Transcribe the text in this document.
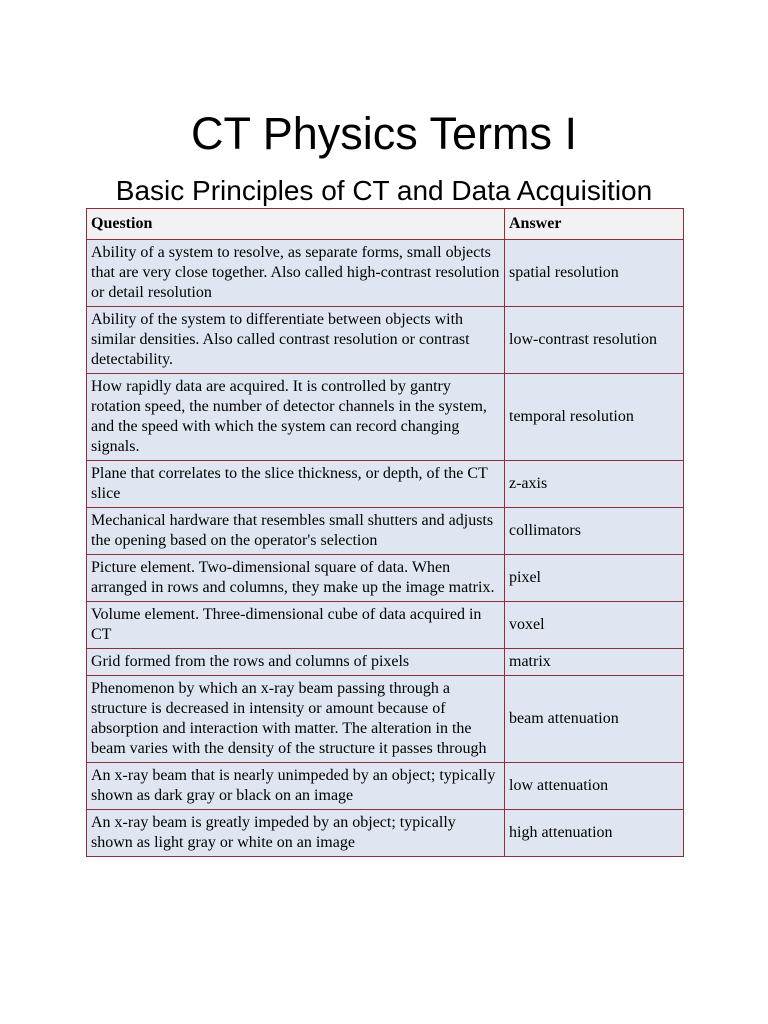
CT Physics Terms I
Basic Principles of CT and Data Acquisition
Question	Answer
Ability of a system to resolve, as separate forms, small objects that are very close together. Also called high-contrast resolution or detail resolution	spatial resolution
Ability of the system to differentiate between objects with similar densities. Also called contrast resolution or contrast detectability.	low-contrast resolution
How rapidly data are acquired. It is controlled by gantry rotation speed, the number of detector channels in the system, and the speed with which the system can record changing signals.	temporal resolution
Plane that correlates to the slice thickness, or depth, of the CT slice	z-axis
Mechanical hardware that resembles small shutters and adjusts the opening based on the operator's selection	collimators
Picture element. Two-dimensional square of data. When arranged in rows and columns, they make up the image matrix.	pixel
Volume element. Three-dimensional cube of data acquired in CT	voxel
Grid formed from the rows and columns of pixels	matrix
Phenomenon by which an x-ray beam passing through a structure is decreased in intensity or amount because of absorption and interaction with matter. The alteration in the beam varies with the density of the structure it passes through	beam attenuation
An x-ray beam that is nearly unimpeded by an object; typically shown as dark gray or black on an image	low attenuation
An x-ray beam is greatly impeded by an object; typically shown as light gray or white on an image	high attenuation
